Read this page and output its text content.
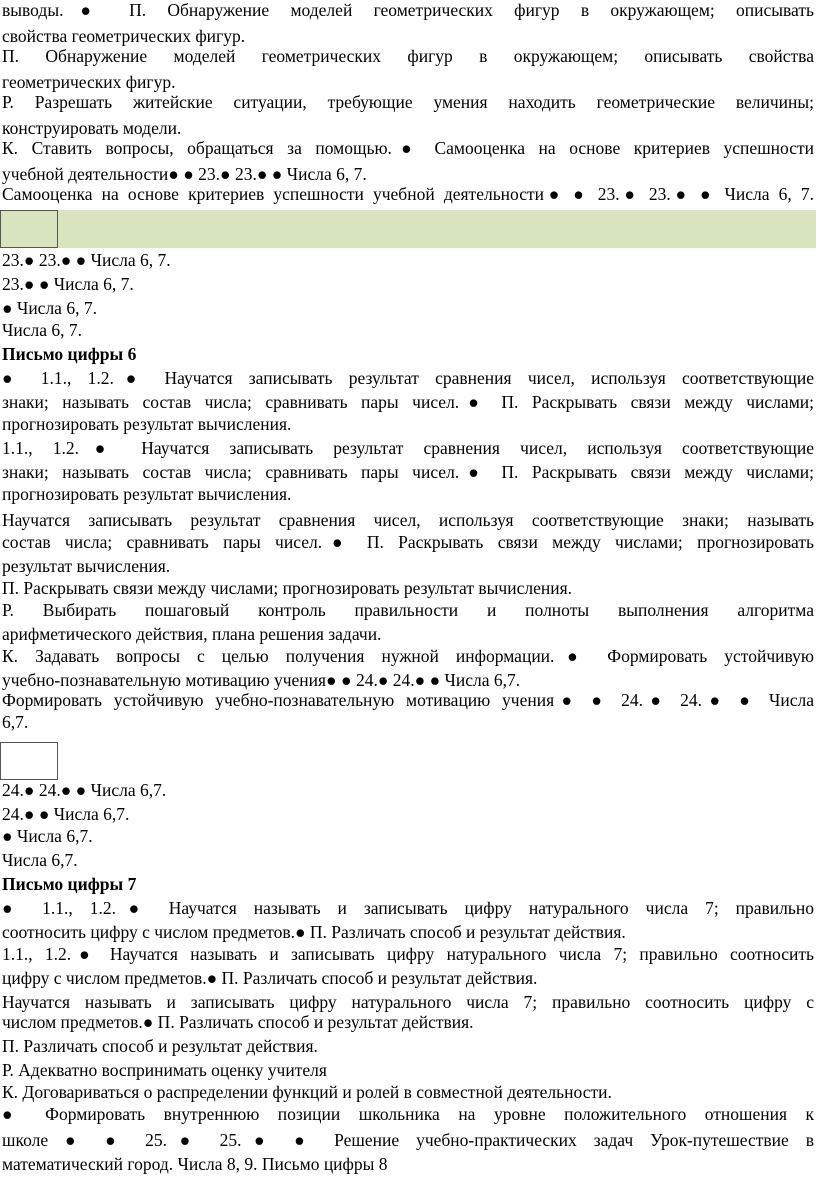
выводы.● П. Обнаружение моделей геометрических фигур в окружающем; описывать
свойства геометрических фигур.
П. Обнаружение моделей геометрических фигур в окружающем; описывать свойства
геометрических фигур.
Р. Разрешать житейские ситуации, требующие умения находить геометрические величины;
конструировать модели.
К. Ставить вопросы, обращаться за помощью.● Самооценка на основе критериев успешности
учебной деятельности● ● 23.● 23.● ● Числа 6, 7.
Самооценка на основе критериев успешности учебной деятельности● ● 23.● 23.● ● Числа 6, 7.
23.● 23.● ● Числа 6, 7.
23.● ● Числа 6, 7.
● Числа 6, 7.
Числа 6, 7.
Письмо цифры 6
● 1.1., 1.2.● Научатся записывать результат сравнения чисел, используя соответствующие
знаки; называть состав числа; сравнивать пары чисел.● П. Раскрывать связи между числами;
прогнозировать результат вычисления.
1.1., 1.2.● Научатся записывать результат сравнения чисел, используя соответствующие
знаки; называть состав числа; сравнивать пары чисел.● П. Раскрывать связи между числами;
прогнозировать результат вычисления.
Научатся записывать результат сравнения чисел, используя соответствующие знаки; называть
состав числа; сравнивать пары чисел.● П. Раскрывать связи между числами; прогнозировать
результат вычисления.
П. Раскрывать связи между числами; прогнозировать результат вычисления.
Р. Выбирать пошаговый контроль правильности и полноты выполнения алгоритма
арифметического действия, плана решения задачи.
К. Задавать вопросы с целью получения нужной информации.● Формировать устойчивую
учебно-познавательную мотивацию учения● ● 24.● 24.● ● Числа 6,7.
Формировать устойчивую учебно-познавательную мотивацию учения● ● 24.● 24.● ● Числа
6,7.
24.● 24.● ● Числа 6,7.
24.● ● Числа 6,7.
● Числа 6,7.
Числа 6,7.
Письмо цифры 7
● 1.1., 1.2.● Научатся называть и записывать цифру натурального числа 7; правильно
соотносить цифру с числом предметов.● П. Различать способ и результат действия.
1.1., 1.2.● Научатся называть и записывать цифру натурального числа 7; правильно соотносить
цифру с числом предметов.● П. Различать способ и результат действия.
Научатся называть и записывать цифру натурального числа 7; правильно соотносить цифру с
числом предметов.● П. Различать способ и результат действия.
П. Различать способ и результат действия.
Р. Адекватно воспринимать оценку учителя
К. Договариваться о распределении функций и ролей в совместной деятельности.
● Формировать внутреннюю позиции школьника на уровне положительного отношения к
школе ● ● 25.● 25.● ● Решение учебно-практических задач Урок-путешествие в
математический город. Числа 8, 9. Письмо цифры 8
